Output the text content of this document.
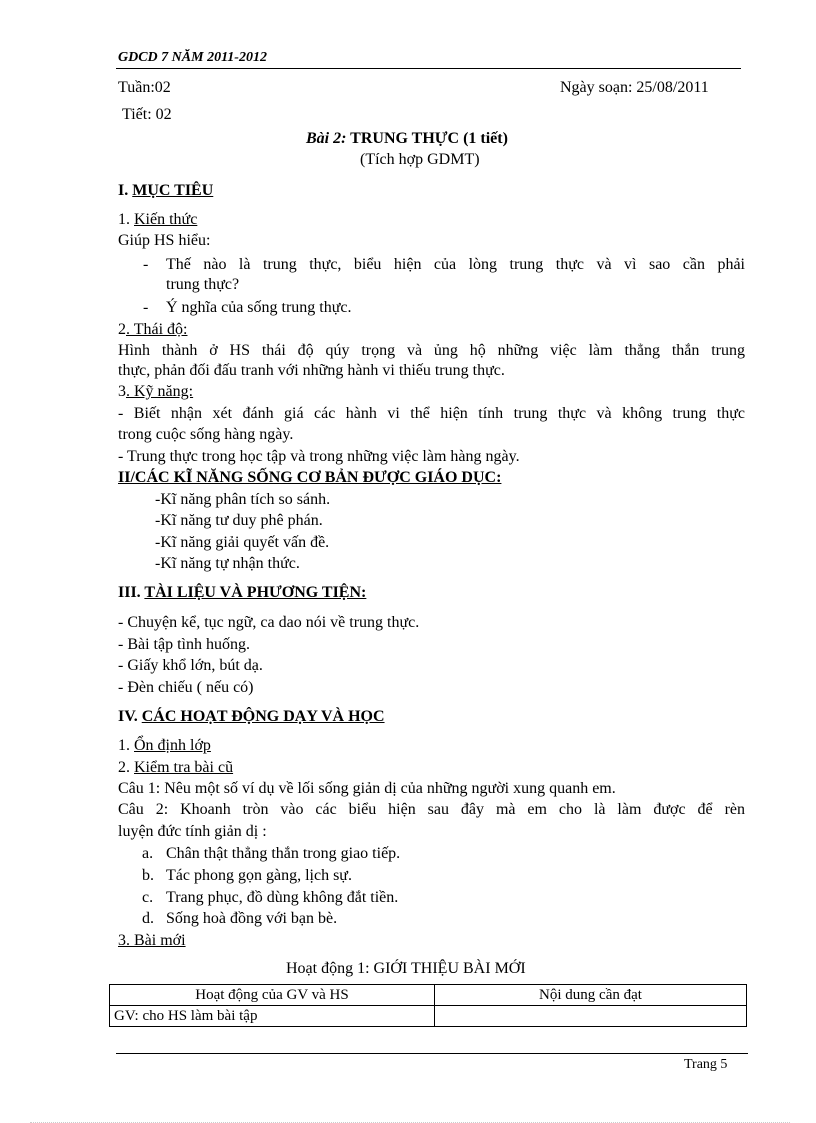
GDCD 7 NĂM 2011-2012
Tuần:02	Ngày soạn: 25/08/2011
Tiết: 02
Bài 2: TRUNG THỰC (1 tiết)
(Tích hợp GDMT)
I. MỤC TIÊU
1. Kiến thức
Giúp HS hiểu:
- Thế nào là trung thực, biểu hiện của lòng trung thực và vì sao cần phải
trung thực?
- Ý nghĩa của sống trung thực.
2. Thái độ:
Hình thành ở HS thái độ qúy trọng và ủng hộ những việc làm thẳng thắn trung
thực, phản đối đấu tranh với những hành vi thiếu trung thực.
3. Kỹ năng:
- Biết nhận xét đánh giá các hành vi thể hiện tính trung thực và không trung thực
trong cuộc sống hàng ngày.
- Trung thực trong học tập và trong những việc làm hàng ngày.
II/CÁC KĨ NĂNG SỐNG CƠ BẢN ĐƯỢC GIÁO DỤC:
-Kĩ năng phân tích so sánh.
-Kĩ năng tư duy phê phán.
-Kĩ năng giải quyết vấn đề.
-Kĩ năng tự nhận thức.
III. TÀI LIỆU VÀ PHƯƠNG TIỆN:
- Chuyện kể, tục ngữ, ca dao nói về trung thực.
- Bài tập tình huống.
- Giấy khổ lớn, bút dạ.
- Đèn chiếu ( nếu có)
IV. CÁC HOẠT ĐỘNG DẠY VÀ HỌC
1. Ổn định lớp
2. Kiểm tra bài cũ
Câu 1: Nêu một số ví dụ về lối sống giản dị của những người xung quanh em.
Câu 2: Khoanh tròn vào các biểu hiện sau đây mà em cho là làm được để rèn
luyện đức tính giản dị :
a. Chân thật thẳng thắn trong giao tiếp.
b. Tác phong gọn gàng, lịch sự.
c. Trang phục, đồ dùng không đắt tiền.
d. Sống hoà đồng với bạn bè.
3. Bài mới
Hoạt động 1: GIỚI THIỆU BÀI MỚI
Hoạt động của GV và HS	Nội dung cần đạt
GV: cho HS làm bài tập	
Trang 5
